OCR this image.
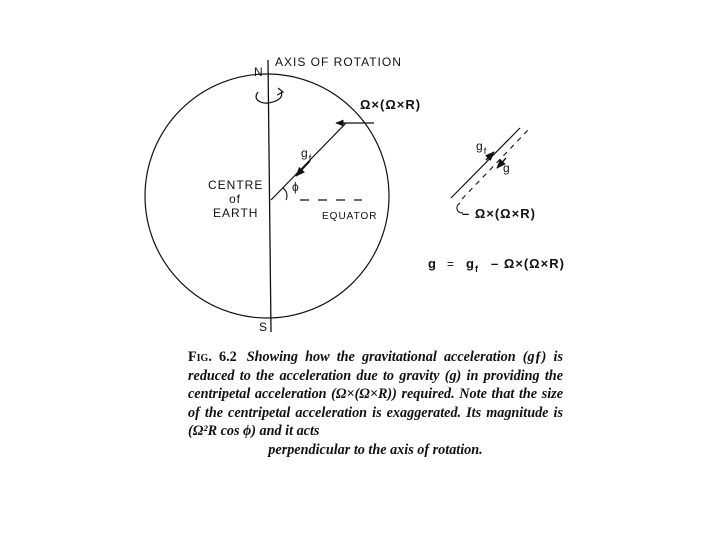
N
AXIS OF ROTATION
Ω×(Ω×R)
$g_f$
ϕ
CENTRE
of
EARTH	EQUATOR
S
$g_f$
g
– Ω×(Ω×R)
$g = g_f - \Omega\times(\Omega\times R)$
Fig. 6.2 Showing how the gravitational acceleration (gƒ) is reduced to the acceleration due to gravity (g) in providing the centripetal acceleration (Ω×(Ω×R)) required. Note that the size of the centripetal acceleration is exaggerated. Its magnitude is (Ω²R cos ϕ) and it acts
perpendicular to the axis of rotation.
